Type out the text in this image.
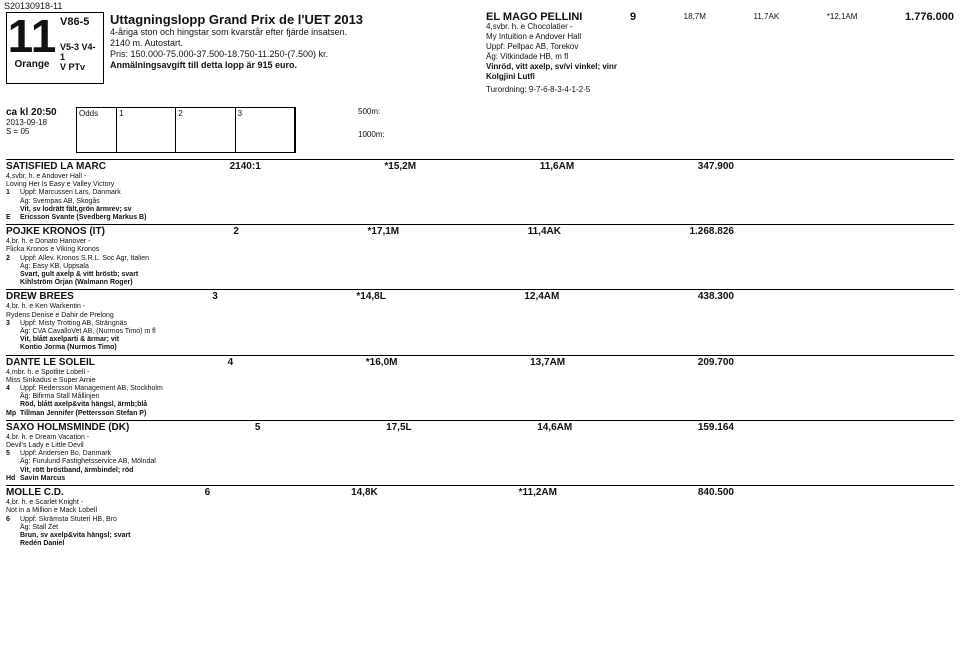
S20130918-11
11
Orange
V86-5
V5-3 V4-1
V PTv
Uttagningslopp Grand Prix de l'UET 2013
4-åriga ston och hingstar som kvarstår efter fjärde insatsen.
2140 m. Autostart.
Pris: 150.000-75.000-37.500-18.750-11.250-(7.500) kr.
Anmälningsavgift till detta lopp är 915 euro.
EL MAGO PELLINI	9	18,7M	11,7AK	*12,1AM	1.776.000
4,svbr. h. e Chocolatier -
My Intuition e Andover Hall
Uppf: Pellpac AB, Torekov
Äg: Vitkindade HB, m fl
Vinröd, vitt axelp, sv/vi vinkel; vinr
Kolgjini Lutfi
Turordning: 9-7-6-8-3-4-1-2-5
ca kl 20:50
2013-09-18
S = 05
Odds	1	2	3	500m:
1000m:
SATISFIED LA MARC	2140:1	*15,2M	11,6AM	347.900
4,svbr. h. e Andover Hall -
Loving Her Is Easy e Valley Victory
1	Uppf: Marcussen Lars, Danmark
Äg: Svempas AB, Skogås
Vit, sv lodrätt fält,grön ärmrev; sv
E	Ericsson Svante (Svedberg Markus B)
POJKE KRONOS (IT)	2	*17,1M	11,4AK	1.268.826
4,br. h. e Donato Hanover -
Flicka Kronos e Viking Kronos
2	Uppf: Allev. Kronos S.R.L. Soc Agr, Italien
Äg: Easy KB, Uppsala
Svart, gult axelp & vitt bröstb; svart
Kihlström Örjan (Walmann Roger)
DREW BREES	3	*14,8L	12,4AM	438.300
4,br. h. e Ken Warkentin -
Rydens Denise e Dahir de Prelong
3	Uppf: Misty Trotting AB, Strängnäs
Äg: CVA CavalloVet AB, (Nurmos Timo) m fl
Vit, blått axelparti & ärmar; vit
Kontio Jorma (Nurmos Timo)
DANTE LE SOLEIL	4	*16,0M	13,7AM	209.700
4,mbr. h. e Spotlite Lobell -
Miss Sinkadus e Super Arnie
4	Uppf: Redersson Management AB, Stockholm
Äg: Bifirma Stall Mållinjen
Röd, blått axelp&vita hängsl, ärmb;blå
Mp Tillman Jennifer (Pettersson Stefan P)
SAXO HOLMSMINDE (DK)	5	17,5L	14,6AM	159.164
4,br. h. e Dream Vacation -
Devil's Lady e Little Devil
5	Uppf: Andersen Bo, Danmark
Äg: Furulund Fastighetsservice AB, Mölndal
Vit, rött bröstband, ärmbindel; röd
Hd Savin Marcus
MOLLE C.D.	6	14,8K	*11,2AM	840.500
4,br. h. e Scarlet Knight -
Not in a Million e Mack Lobell
6	Uppf: Skrämsta Stuteri HB, Bro
Äg: Stall Zet
Brun, sv axelp&vita hängsl; svart
Redén Daniel
